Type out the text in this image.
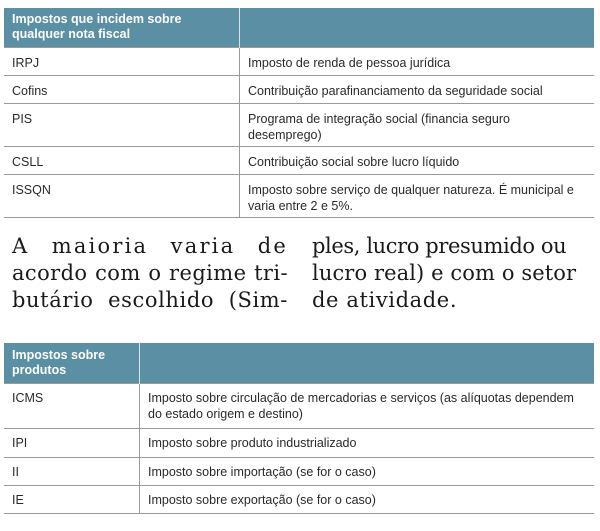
Impostos que incidem sobre qualquer nota fiscal	
IRPJ	Imposto de renda de pessoa jurídica
Cofins	Contribuição parafinanciamento da seguridade social
PIS	Programa de integração social (financia seguro desemprego)
CSLL	Contribuição social sobre lucro líquido
ISSQN	Imposto sobre serviço de qualquer natureza. É municipal e varia entre 2 e 5%.
A maioria varia de
acordo com o regime tri-
butário escolhido (Sim-
ples, lucro presumido ou
lucro real) e com o setor
de atividade.
Impostos sobre produtos	
ICMS	Imposto sobre circulação de mercadorias e serviços (as alíquotas dependem do estado origem e destino)
IPI	Imposto sobre produto industrializado
II	Imposto sobre importação (se for o caso)
IE	Imposto sobre exportação (se for o caso)
